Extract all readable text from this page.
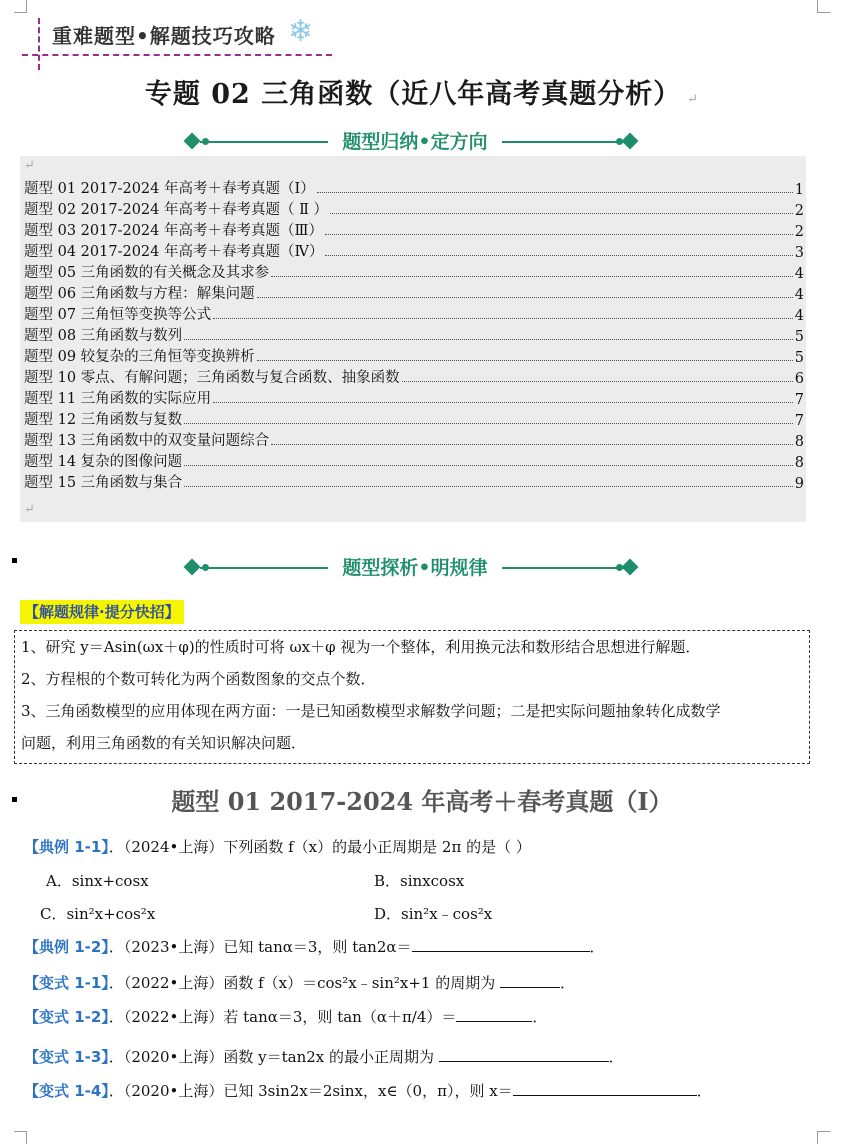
重难题型•解题技巧攻略 ❄
专题 02 三角函数（近八年高考真题分析） ↵
题型归纳•定方向
↵
题型 01 2017-2024 年高考＋春考真题（Ⅰ）	1
题型 02 2017-2024 年高考＋春考真题（ Ⅱ ）	2
题型 03 2017-2024 年高考＋春考真题（Ⅲ）	2
题型 04 2017-2024 年高考＋春考真题（Ⅳ）	3
题型 05 三角函数的有关概念及其求参	4
题型 06 三角函数与方程：解集问题	4
题型 07 三角恒等变换等公式	4
题型 08 三角函数与数列	5
题型 09 较复杂的三角恒等变换辨析	5
题型 10 零点、有解问题；三角函数与复合函数、抽象函数	6
题型 11 三角函数的实际应用	7
题型 12 三角函数与复数	7
题型 13 三角函数中的双变量问题综合	8
题型 14 复杂的图像问题	8
题型 15 三角函数与集合	9
↵
题型探析•明规律
【解题规律·提分快招】
1、研究 y＝Asin(ωx＋φ)的性质时可将 ωx＋φ 视为一个整体，利用换元法和数形结合思想进行解题．
2、方程根的个数可转化为两个函数图象的交点个数．
3、三角函数模型的应用体现在两方面：一是已知函数模型求解数学问题；二是把实际问题抽象转化成数学
问题，利用三角函数的有关知识解决问题．
题型 01 2017-2024 年高考＋春考真题（I）
【典例 1-1】．（2024•上海）下列函数 f（x）的最小正周期是 2π 的是（ ）
A．sinx+cosx	B．sinxcosx
C．sin²x+cos²x	D．sin²x﹣cos²x
【典例 1-2】．（2023•上海）已知 tanα＝3，则 tan2α＝	．
【变式 1-1】．（2022•上海）函数 f（x）＝cos²x﹣sin²x+1 的周期为	．
【变式 1-2】．（2022•上海）若 tanα＝3，则 tan（α＋π/4）＝	．
【变式 1-3】．（2020•上海）函数 y＝tan2x 的最小正周期为	．
【变式 1-4】．（2020•上海）已知 3sin2x＝2sinx，x∈（0，π），则 x＝	．
